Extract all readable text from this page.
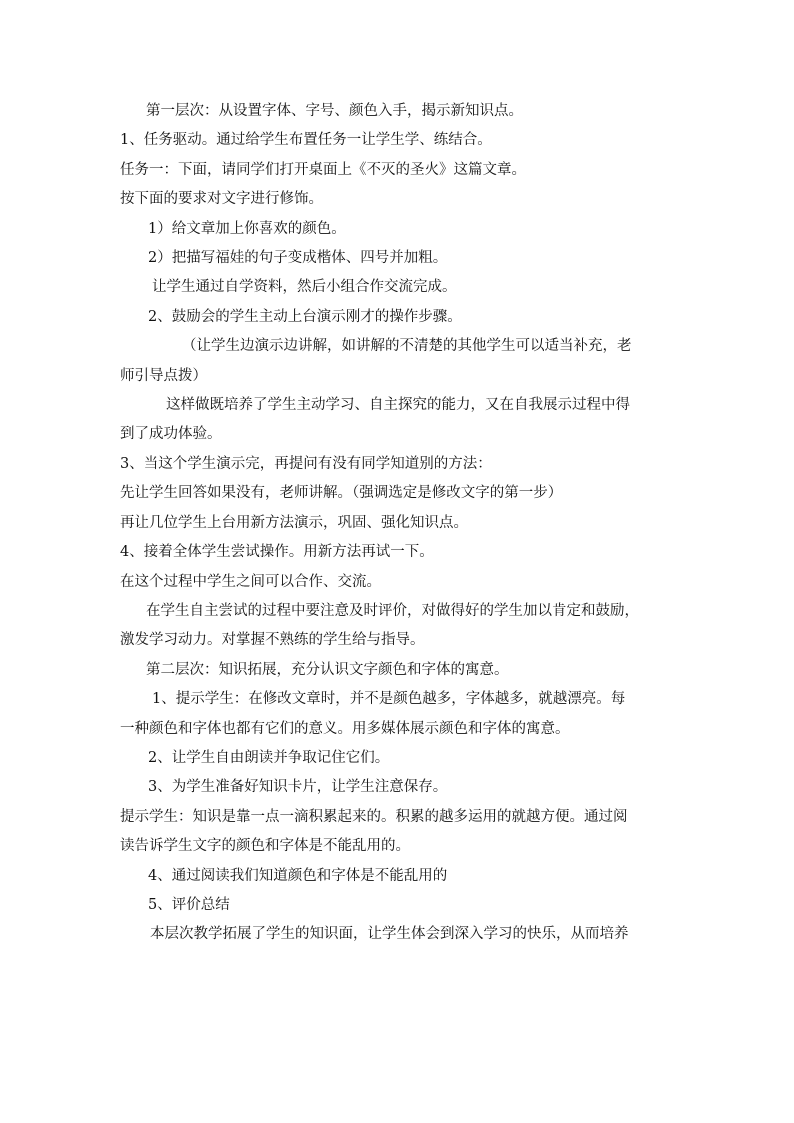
第一层次：从设置字体、字号、颜色入手，揭示新知识点。

1、任务驱动。通过给学生布置任务一让学生学、练结合。

任务一：下面，请同学们打开桌面上《不灭的圣火》这篇文章。

按下面的要求对文字进行修饰。

1）给文章加上你喜欢的颜色。

2）把描写福娃的句子变成楷体、四号并加粗。

让学生通过自学资料，然后小组合作交流完成。

2、鼓励会的学生主动上台演示刚才的操作步骤。

（让学生边演示边讲解，如讲解的不清楚的其他学生可以适当补充，老

师引导点拨）

这样做既培养了学生主动学习、自主探究的能力，又在自我展示过程中得

到了成功体验。

3、当这个学生演示完，再提问有没有同学知道别的方法：

先让学生回答如果没有，老师讲解。（强调选定是修改文字的第一步）

再让几位学生上台用新方法演示，巩固、强化知识点。

4、接着全体学生尝试操作。用新方法再试一下。

在这个过程中学生之间可以合作、交流。

在学生自主尝试的过程中要注意及时评价，对做得好的学生加以肯定和鼓励，

激发学习动力。对掌握不熟练的学生给与指导。

第二层次：知识拓展，充分认识文字颜色和字体的寓意。

1、提示学生：在修改文章时，并不是颜色越多，字体越多，就越漂亮。每

一种颜色和字体也都有它们的意义。用多媒体展示颜色和字体的寓意。

2、让学生自由朗读并争取记住它们。

3、为学生准备好知识卡片，让学生注意保存。

提示学生：知识是靠一点一滴积累起来的。积累的越多运用的就越方便。通过阅

读告诉学生文字的颜色和字体是不能乱用的。

4、通过阅读我们知道颜色和字体是不能乱用的

5、评价总结

本层次教学拓展了学生的知识面，让学生体会到深入学习的快乐，从而培养
